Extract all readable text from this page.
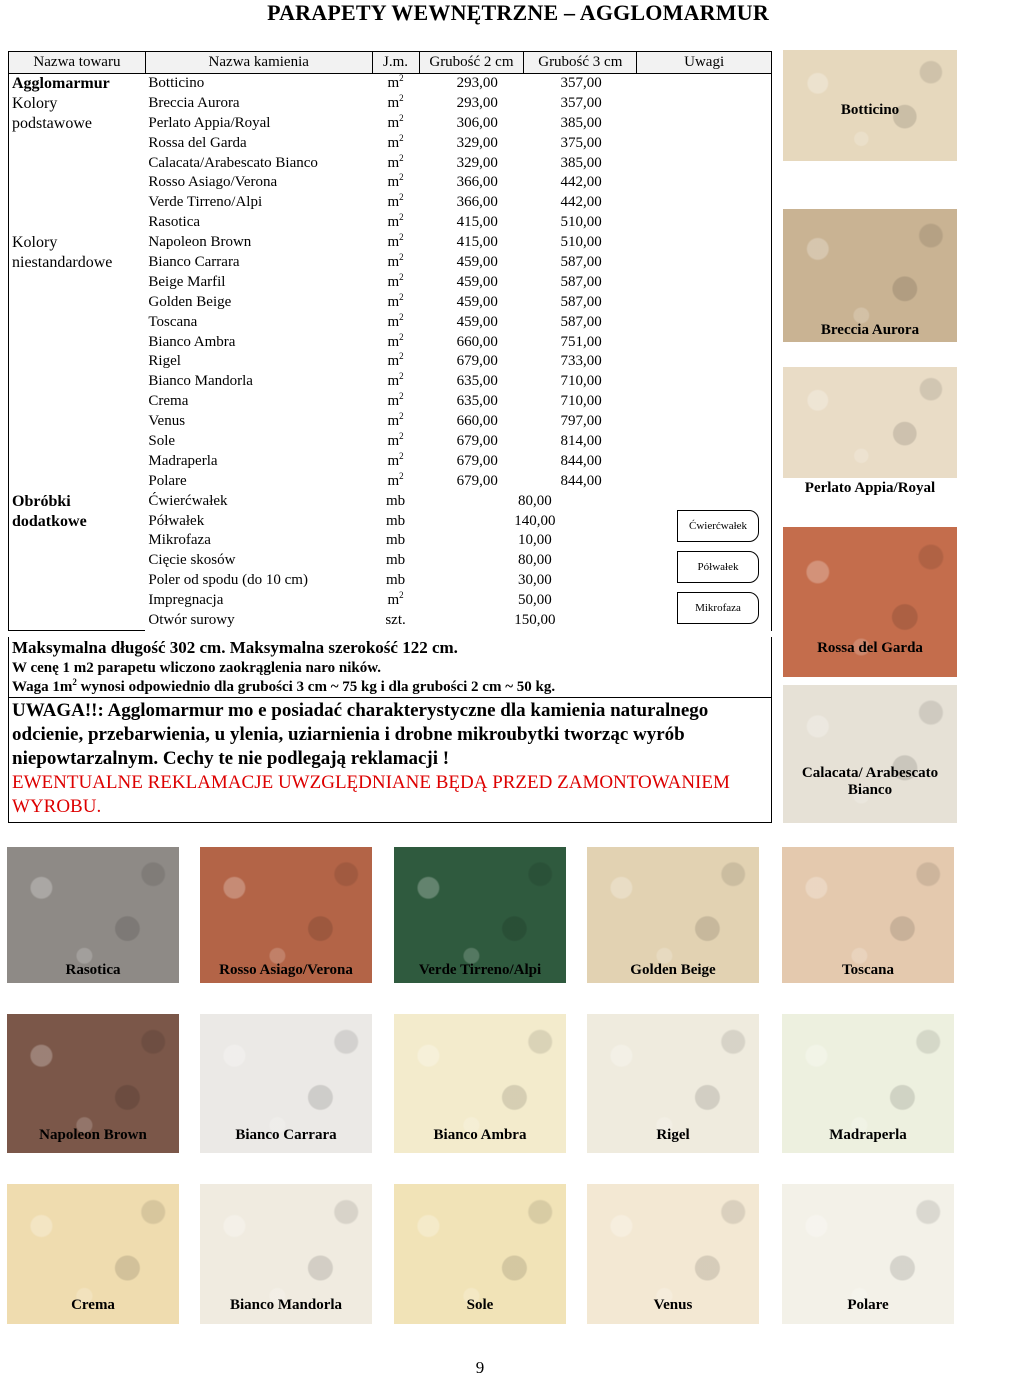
PARAPETY WEWNĘTRZNE – AGGLOMARMUR
Nazwa towaru	Nazwa kamienia	J.m.	Grubość 2 cm	Grubość 3 cm	Uwagi

Agglomarmur
Kolory
podstawowe	Botticino	$m^2$	293,00	357,00	
	Breccia Aurora	$m^2$	293,00	357,00	
	Perlato Appia/Royal	$m^2$	306,00	385,00	
	Rossa del Garda	$m^2$	329,00	375,00	
	Calacata/Arabescato Bianco	$m^2$	329,00	385,00	
	Rosso Asiago/Verona	$m^2$	366,00	442,00	
	Verde Tirreno/Alpi	$m^2$	366,00	442,00	
	Rasotica	$m^2$	415,00	510,00	

Kolory
niestandardowe	Napoleon Brown	$m^2$	415,00	510,00	
	Bianco Carrara	$m^2$	459,00	587,00	
	Beige Marfil	$m^2$	459,00	587,00	
	Golden Beige	$m^2$	459,00	587,00	
	Toscana	$m^2$	459,00	587,00	
	Bianco Ambra	$m^2$	660,00	751,00	
	Rigel	$m^2$	679,00	733,00	
	Bianco Mandorla	$m^2$	635,00	710,00	
	Crema	$m^2$	635,00	710,00	
	Venus	$m^2$	660,00	797,00	
	Sole	$m^2$	679,00	814,00	
	Madraperla	$m^2$	679,00	844,00	
	Polare	$m^2$	679,00	844,00	

Obróbki
dodatkowe	Ćwierćwałek	mb	80,00		
	Półwałek	mb	140,00		
	Mikrofaza	mb	10,00		
	Cięcie skosów	mb	80,00		
	Poler od spodu (do 10 cm)	mb	30,00		
	Impregnacja	$m^2$	50,00		
	Otwór surowy	szt.	150,00		
Ćwierćwałek
Półwałek
Mikrofaza
Maksymalna długość 302 cm. Maksymalna szerokość 122 cm.
W cenę 1 m2 parapetu wliczono zaokrąglenia naro ników.
Waga $1m^2$ wynosi odpowiednio dla grubości 3 cm ~ 75 kg i dla grubości 2 cm ~ 50 kg.
UWAGA!!: Agglomarmur mo e posiadać charakterystyczne dla kamienia naturalnego odcienie, przebarwienia, u ylenia, uziarnienia i drobne mikroubytki tworząc wyrób niepowtarzalnym. Cechy te nie podlegają reklamacji !
EWENTUALNE REKLAMACJE UWZGLĘDNIANE BĘDĄ PRZED ZAMONTOWANIEM WYROBU.
Botticino
Breccia Aurora
Perlato Appia/Royal
Rossa del Garda
Calacata/ Arabescato Bianco
Rasotica	Rosso Asiago/Verona	Verde Tirreno/Alpi	Golden Beige	Toscana
Napoleon Brown	Bianco Carrara	Bianco Ambra	Rigel	Madraperla
Crema	Bianco Mandorla	Sole	Venus	Polare
9
